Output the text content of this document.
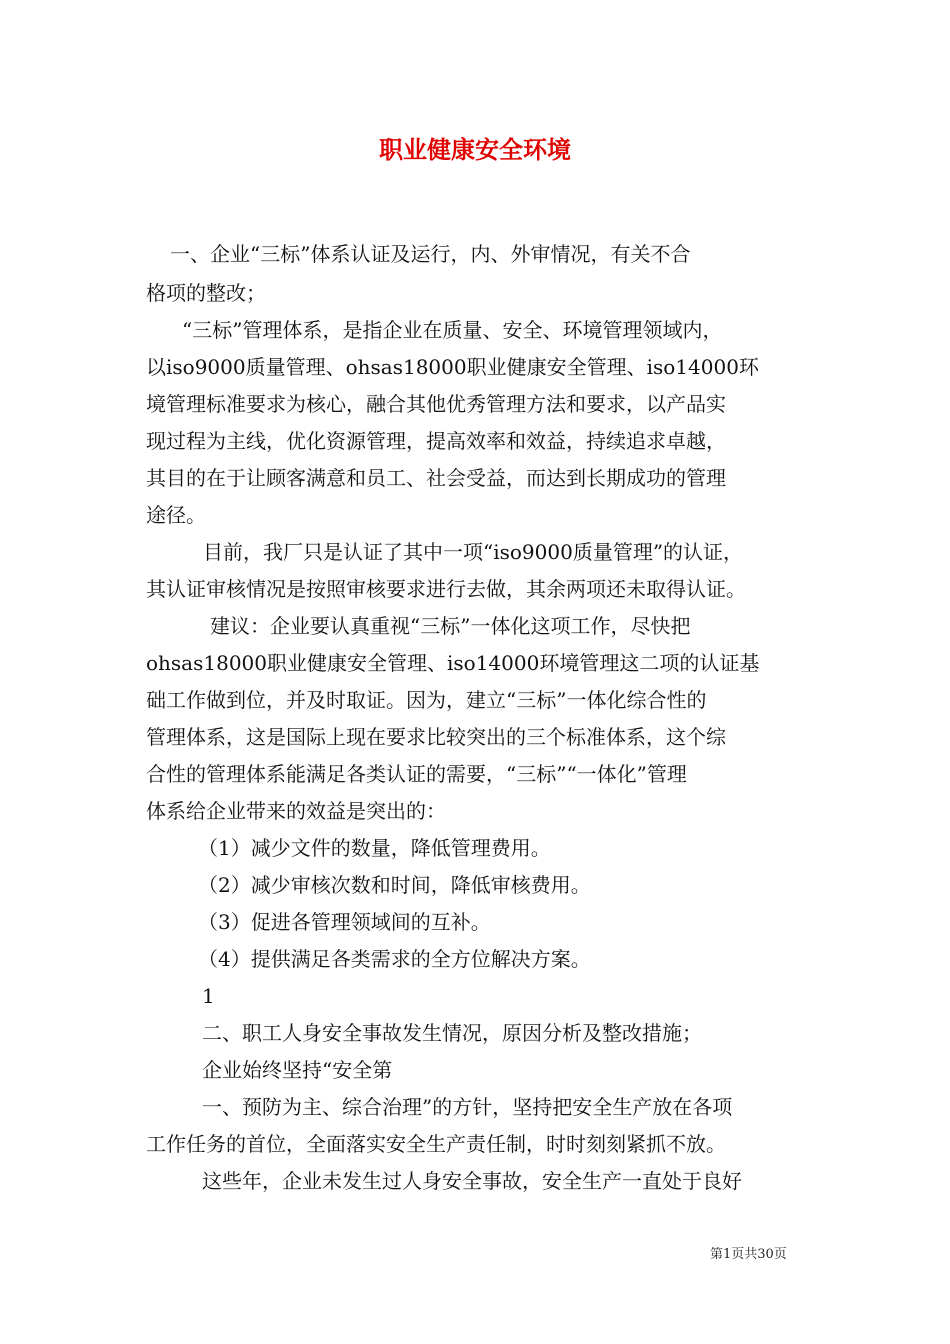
职业健康安全环境

一、企业“三标”体系认证及运行，内、外审情况，有关不合

格项的整改；

“三标”管理体系，是指企业在质量、安全、环境管理领域内，

以iso9000质量管理、ohsas18000职业健康安全管理、iso14000环

境管理标准要求为核心，融合其他优秀管理方法和要求，以产品实

现过程为主线，优化资源管理，提高效率和效益，持续追求卓越，

其目的在于让顾客满意和员工、社会受益，而达到长期成功的管理

途径。

目前，我厂只是认证了其中一项“iso9000质量管理”的认证，

其认证审核情况是按照审核要求进行去做，其余两项还未取得认证。

建议：企业要认真重视“三标”一体化这项工作，尽快把

ohsas18000职业健康安全管理、iso14000环境管理这二项的认证基

础工作做到位，并及时取证。因为，建立“三标”一体化综合性的

管理体系，这是国际上现在要求比较突出的三个标准体系，这个综

合性的管理体系能满足各类认证的需要，“三标”“一体化”管理

体系给企业带来的效益是突出的：

（1）减少文件的数量，降低管理费用。

（2）减少审核次数和时间，降低审核费用。

（3）促进各管理领域间的互补。

（4）提供满足各类需求的全方位解决方案。

1

二、职工人身安全事故发生情况，原因分析及整改措施；

企业始终坚持“安全第

一、预防为主、综合治理”的方针，坚持把安全生产放在各项

工作任务的首位，全面落实安全生产责任制，时时刻刻紧抓不放。

这些年，企业未发生过人身安全事故，安全生产一直处于良好

第1页共30页
